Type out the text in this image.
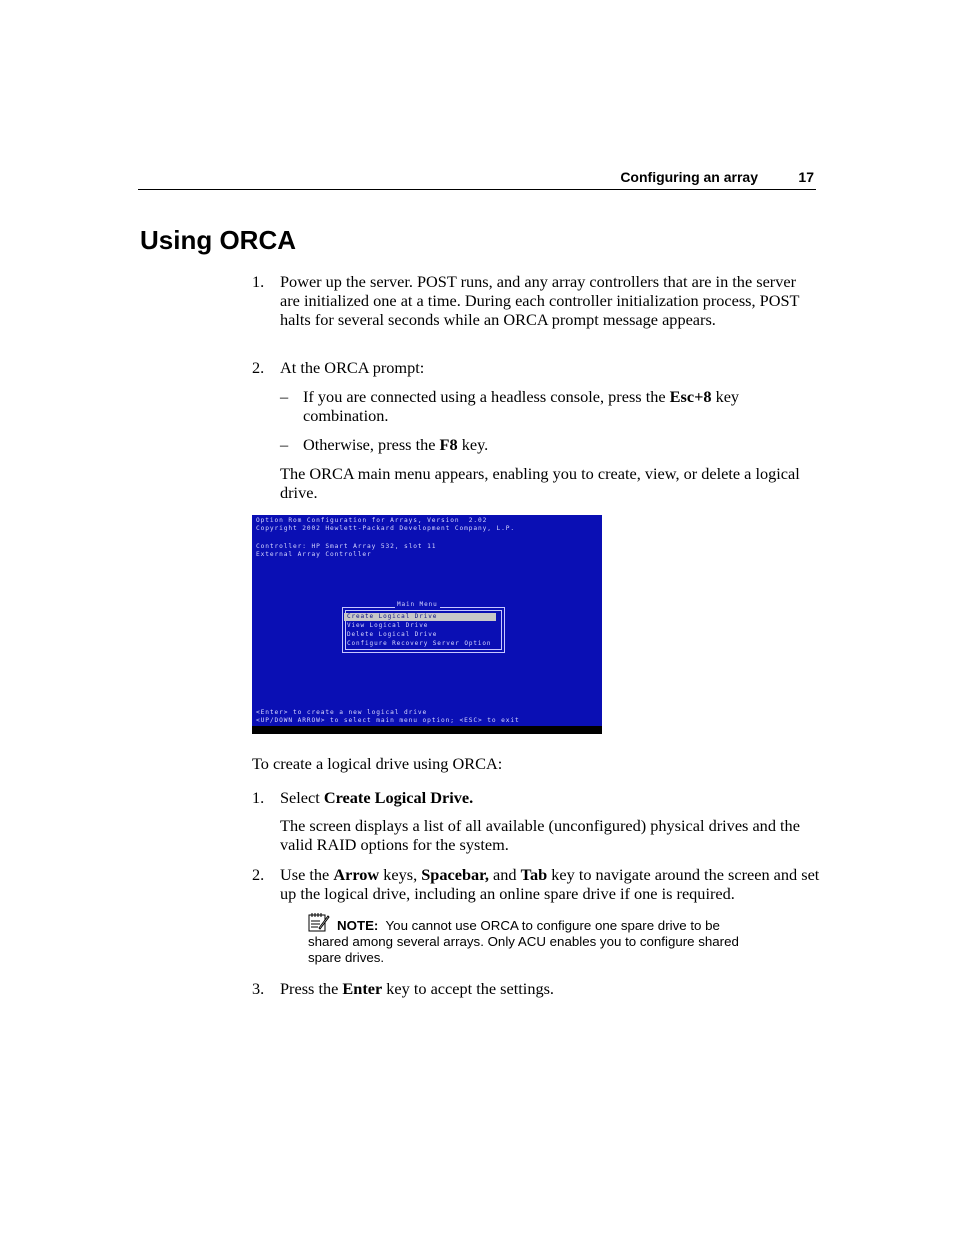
Configuring an array	17
Using ORCA
1. Power up the server. POST runs, and any array controllers that are in the server are initialized one at a time. During each controller initialization process, POST halts for several seconds while an ORCA prompt message appears.
2. At the ORCA prompt:
– If you are connected using a headless console, press the Esc+8 key combination.
– Otherwise, press the F8 key.
The ORCA main menu appears, enabling you to create, view, or delete a logical drive.
Option Rom Configuration for Arrays, Version  2.02
Copyright 2002 Hewlett-Packard Development Company, L.P.
Controller: HP Smart Array 532, slot 11
External Array Controller
Main Menu
Create Logical Drive
View Logical Drive
Delete Logical Drive
Configure Recovery Server Option
<Enter> to create a new logical drive
<UP/DOWN ARROW> to select main menu option; <ESC> to exit
To create a logical drive using ORCA:
1. Select Create Logical Drive.
The screen displays a list of all available (unconfigured) physical drives and the valid RAID options for the system.
2. Use the Arrow keys, Spacebar, and Tab key to navigate around the screen and set up the logical drive, including an online spare drive if one is required.
NOTE: You cannot use ORCA to configure one spare drive to be shared among several arrays. Only ACU enables you to configure shared spare drives.
3. Press the Enter key to accept the settings.
